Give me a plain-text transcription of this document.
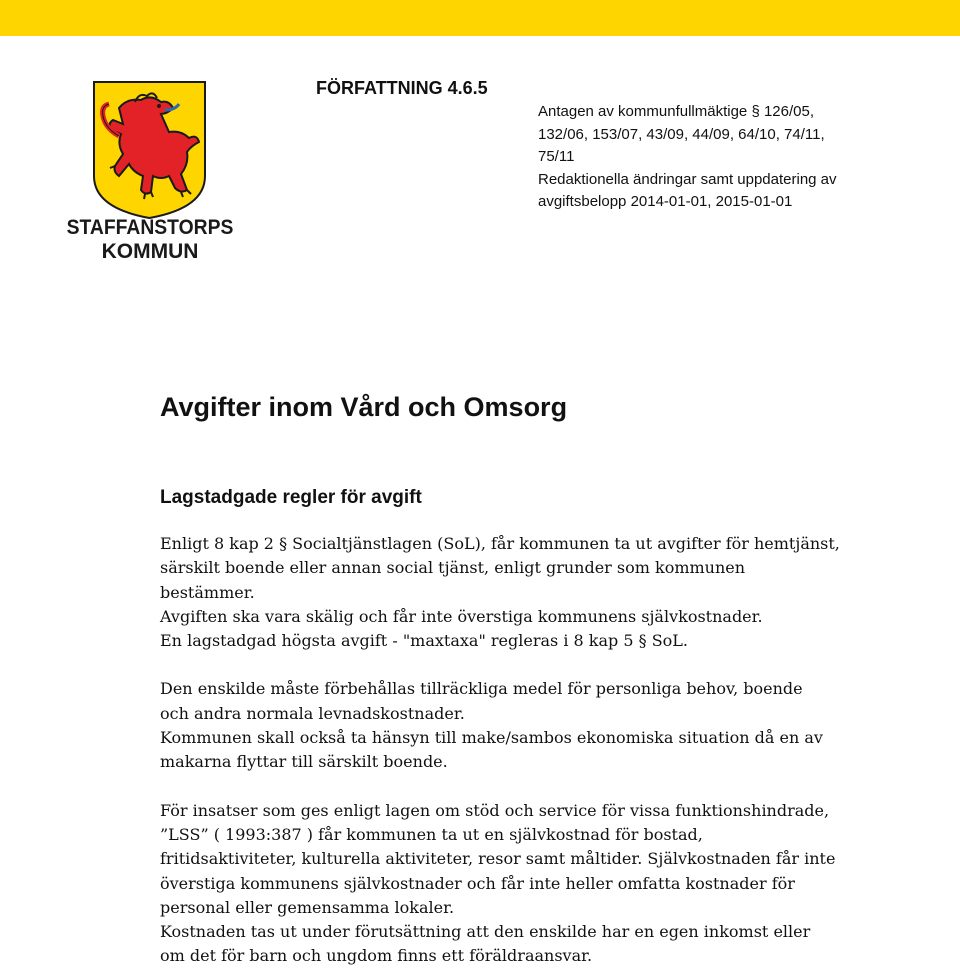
STAFFANSTORPS
KOMMUN
FÖRFATTNING 4.6.5
Antagen av kommunfullmäktige § 126/05,
132/06, 153/07, 43/09, 44/09, 64/10, 74/11,
75/11
Redaktionella ändringar samt uppdatering av
avgiftsbelopp 2014-01-01, 2015-01-01
Avgifter inom Vård och Omsorg
Lagstadgade regler för avgift

Enligt 8 kap 2 § Socialtjänstlagen (SoL), får kommunen ta ut avgifter för hemtjänst,
särskilt boende eller annan social tjänst, enligt grunder som kommunen
bestämmer.
Avgiften ska vara skälig och får inte överstiga kommunens självkostnader.
En lagstadgad högsta avgift - "maxtaxa" regleras i 8 kap 5 § SoL.

Den enskilde måste förbehållas tillräckliga medel för personliga behov, boende
och andra normala levnadskostnader.
Kommunen skall också ta hänsyn till make/sambos ekonomiska situation då en av
makarna flyttar till särskilt boende.

För insatser som ges enligt lagen om stöd och service för vissa funktionshindrade,
”LSS” ( 1993:387 ) får kommunen ta ut en självkostnad för bostad,
fritidsaktiviteter, kulturella aktiviteter, resor samt måltider. Självkostnaden får inte
överstiga kommunens självkostnader och får inte heller omfatta kostnader för
personal eller gemensamma lokaler.
Kostnaden tas ut under förutsättning att den enskilde har en egen inkomst eller
om det för barn och ungdom finns ett föräldraansvar.
